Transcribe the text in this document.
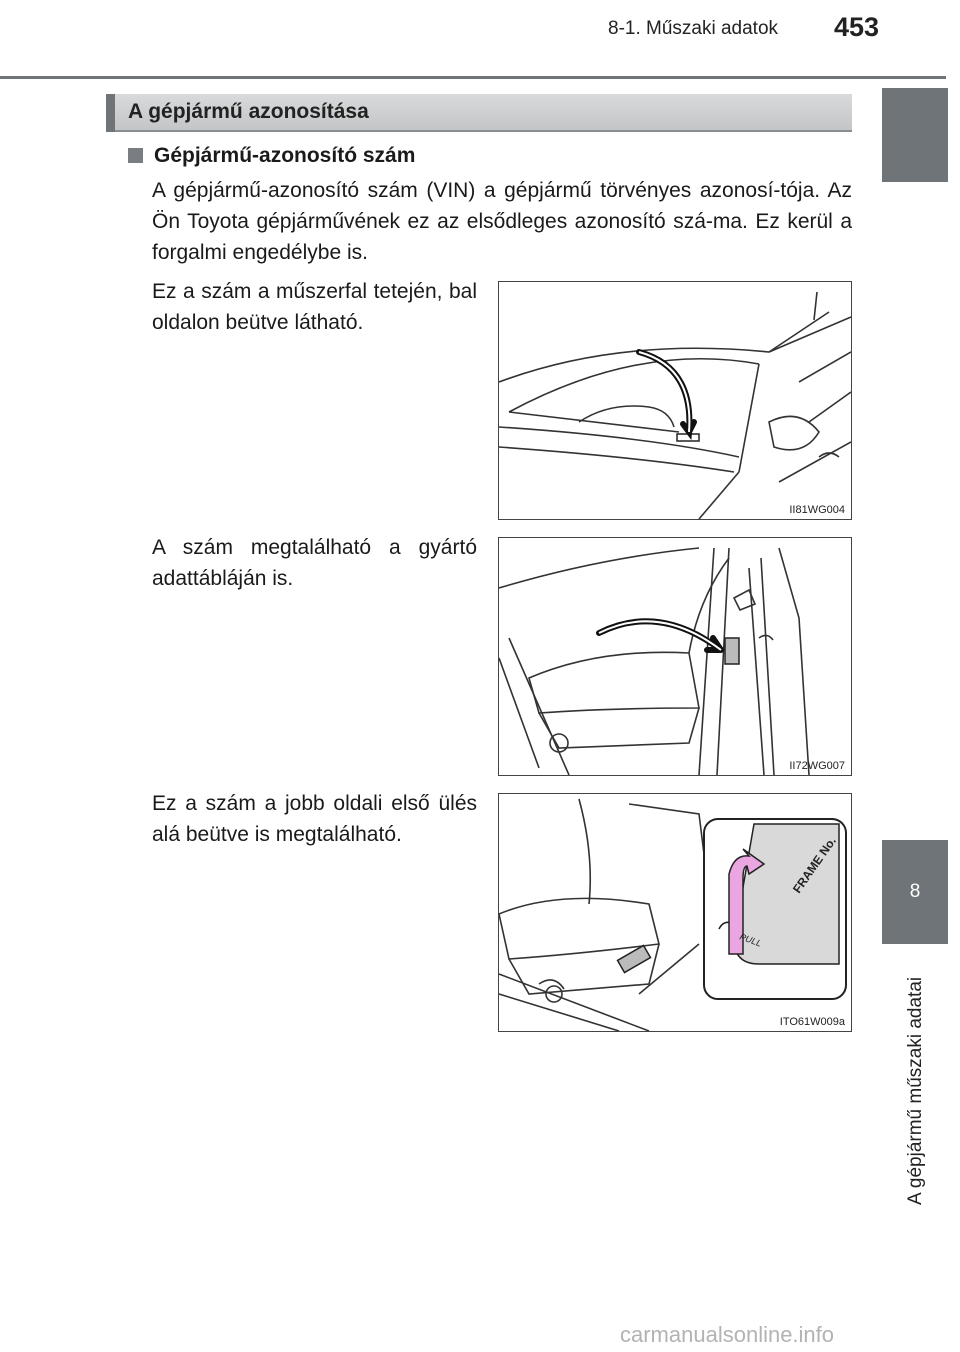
8-1. Műszaki adatok 453
8
A gépjármű műszaki adatai
A gépjármű azonosítása
Gépjármű-azonosító szám
A gépjármű-azonosító szám (VIN) a gépjármű törvényes azonosí-tója. Az Ön Toyota gépjárművének ez az elsődleges azonosító szá-ma. Ez kerül a forgalmi engedélybe is.
Ez a szám a műszerfal tetején, bal oldalon beütve látható.
A szám megtalálható a gyártó adattábláján is.
Ez a szám a jobb oldali első ülés alá beütve is megtalálható.
II81WG004
II72WG007
FRAME No.
PULL
ITO61W009a
carmanualsonline.info
